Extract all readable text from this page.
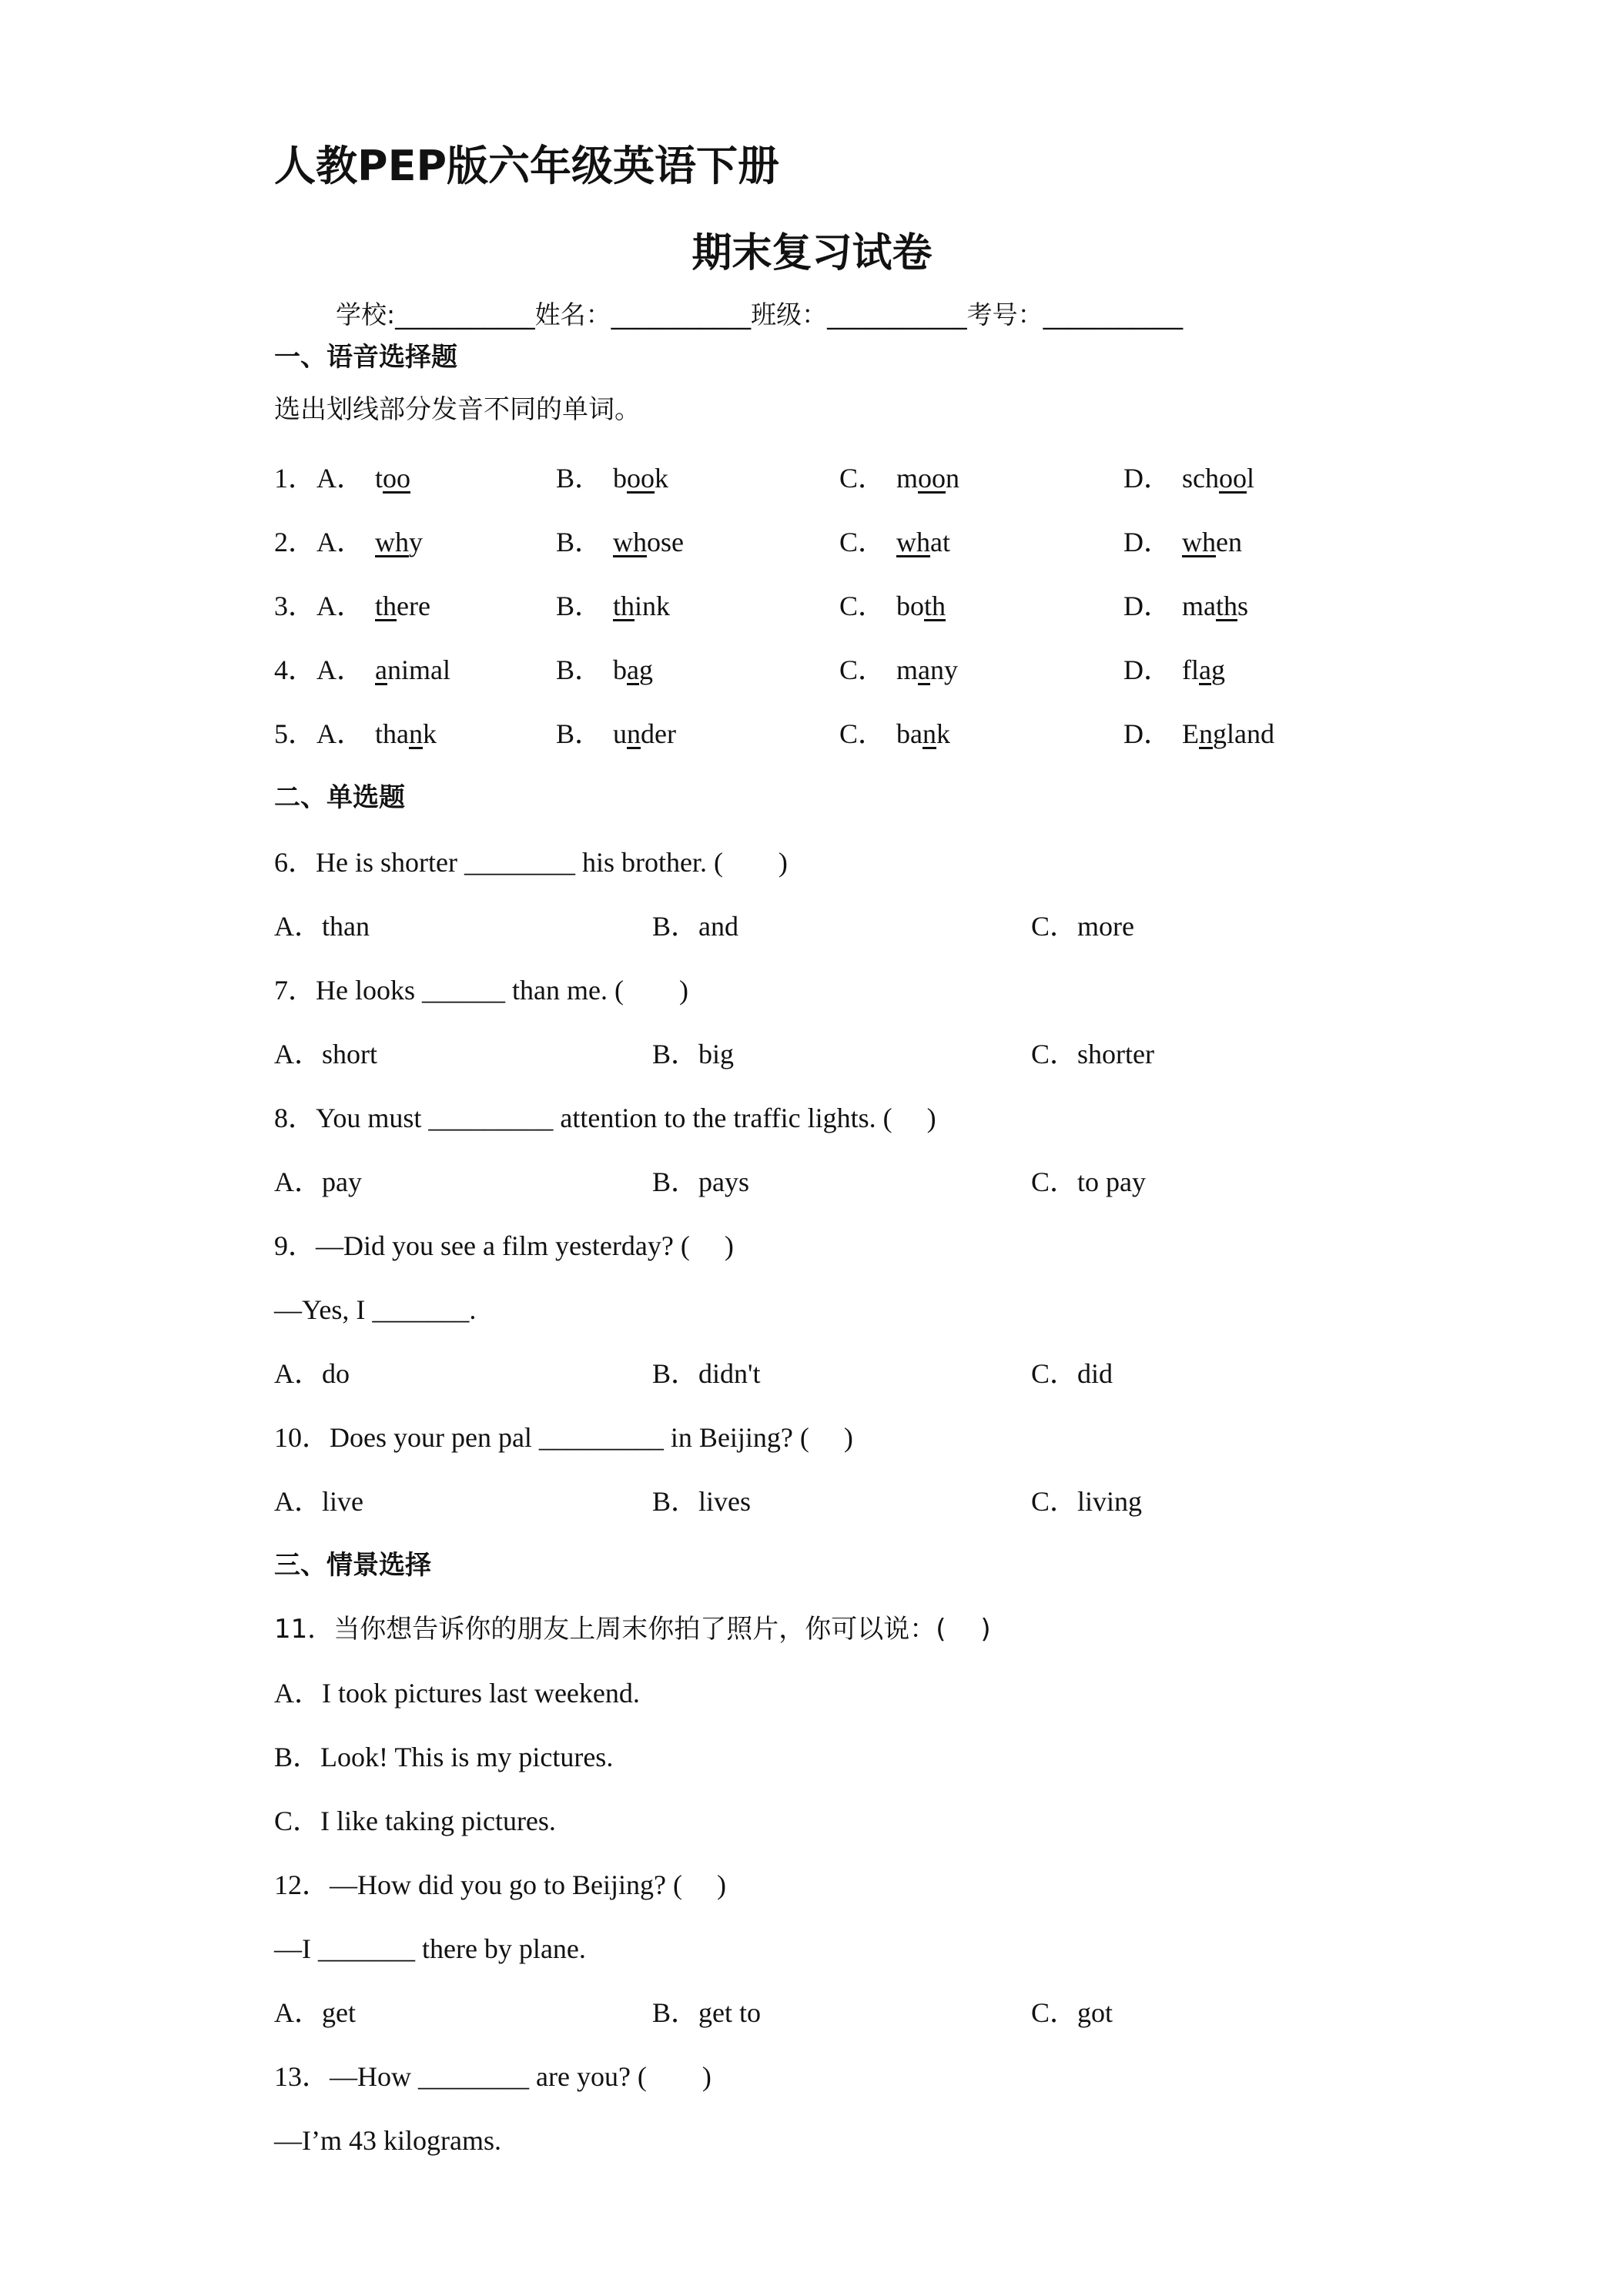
人教PEP版六年级英语下册
期末复习试卷
学校:___________姓名：___________班级：___________考号：___________
一、语音选择题
选出划线部分发音不同的单词。
1． A． too	B． book	C． moon	D． school
2． A． why	B． whose	C． what	D． when
3． A． there	B． think	C． both	D． maths
4． A． animal	B． bag	C． many	D． flag
5． A． thank	B． under	C． bank	D． England
二、单选题
6．He is shorter ________ his brother. (　　)
A．than	B．and	C．more
7．He looks ______ than me. (　　)
A．short	B．big	C．shorter
8．You must _________ attention to the traffic lights. (　 )
A．pay	B．pays	C．to pay
9．—Did you see a film yesterday? (　 )
—Yes, I _______.
A．do	B．didn't	C．did
10．Does your pen pal _________ in Beijing? (　 )
A．live	B．lives	C．living
三、情景选择
11．当你想告诉你的朋友上周末你拍了照片，你可以说：(　 )
A．I took pictures last weekend.
B．Look! This is my pictures.
C．I like taking pictures.
12．—How did you go to Beijing? (　 )
—I _______ there by plane.
A．get	B．get to	C．got
13．—How ________ are you? (　　)
—I’m 43 kilograms.
